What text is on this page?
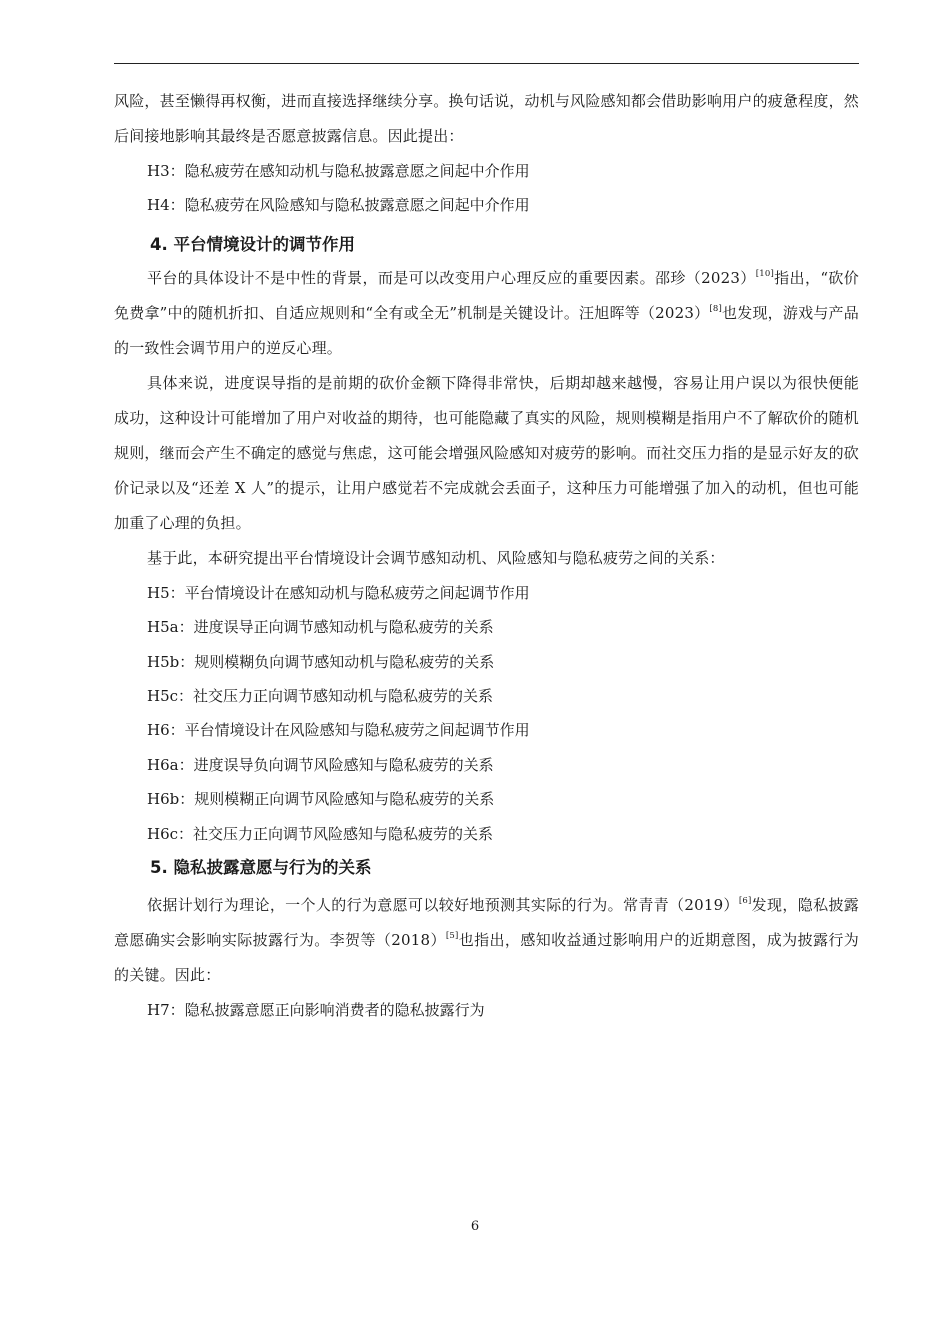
风险，甚至懒得再权衡，进而直接选择继续分享。换句话说，动机与风险感知都会借助影响用户的疲惫程度，然后间接地影响其最终是否愿意披露信息。因此提出：

H3：隐私疲劳在感知动机与隐私披露意愿之间起中介作用

H4：隐私疲劳在风险感知与隐私披露意愿之间起中介作用

4. 平台情境设计的调节作用

平台的具体设计不是中性的背景，而是可以改变用户心理反应的重要因素。邵珍（2023）[10]指出，“砍价免费拿”中的随机折扣、自适应规则和“全有或全无”机制是关键设计。汪旭晖等（2023）[8]也发现，游戏与产品的一致性会调节用户的逆反心理。

具体来说，进度误导指的是前期的砍价金额下降得非常快，后期却越来越慢，容易让用户误以为很快便能成功，这种设计可能增加了用户对收益的期待，也可能隐藏了真实的风险，规则模糊是指用户不了解砍价的随机规则，继而会产生不确定的感觉与焦虑，这可能会增强风险感知对疲劳的影响。而社交压力指的是显示好友的砍价记录以及“还差 X 人”的提示，让用户感觉若不完成就会丢面子，这种压力可能增强了加入的动机，但也可能加重了心理的负担。

基于此，本研究提出平台情境设计会调节感知动机、风险感知与隐私疲劳之间的关系：

H5：平台情境设计在感知动机与隐私疲劳之间起调节作用

H5a：进度误导正向调节感知动机与隐私疲劳的关系

H5b：规则模糊负向调节感知动机与隐私疲劳的关系

H5c：社交压力正向调节感知动机与隐私疲劳的关系

H6：平台情境设计在风险感知与隐私疲劳之间起调节作用

H6a：进度误导负向调节风险感知与隐私疲劳的关系

H6b：规则模糊正向调节风险感知与隐私疲劳的关系

H6c：社交压力正向调节风险感知与隐私疲劳的关系

5. 隐私披露意愿与行为的关系

依据计划行为理论，一个人的行为意愿可以较好地预测其实际的行为。常青青（2019）[6]发现，隐私披露意愿确实会影响实际披露行为。李贺等（2018）[5]也指出，感知收益通过影响用户的近期意图，成为披露行为的关键。因此：

H7：隐私披露意愿正向影响消费者的隐私披露行为

6
